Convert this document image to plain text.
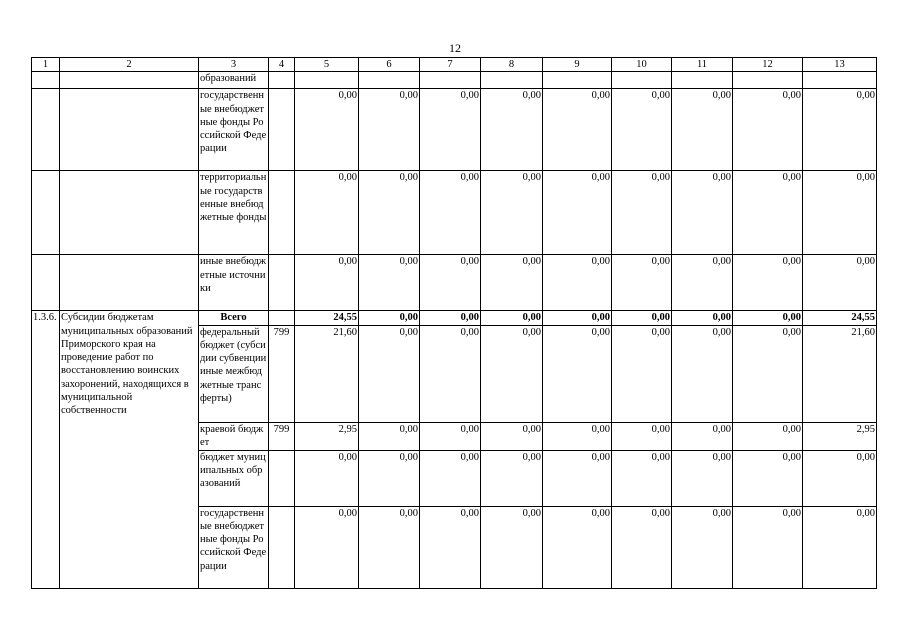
12
1	2	3	4	5	6	7	8	9	10	11	12	13
		образований										
		государственные внебюджетные фонды Российской Федерации		0,00	0,00	0,00	0,00	0,00	0,00	0,00	0,00	0,00
		территориальные государственные внебюджетные фонды		0,00	0,00	0,00	0,00	0,00	0,00	0,00	0,00	0,00
		иные внебюджетные источники		0,00	0,00	0,00	0,00	0,00	0,00	0,00	0,00	0,00
1.3.6.	Субсидии бюджетам муниципальных образований Приморского края на проведение работ по восстановлению воинских захоронений, находящихся в муниципальной собственности	Всего		24,55	0,00	0,00	0,00	0,00	0,00	0,00	0,00	24,55
		федеральный бюджет (субсидии субвенции иные межбюджетные трансферты)	799	21,60	0,00	0,00	0,00	0,00	0,00	0,00	0,00	21,60
		краевой бюджет	799	2,95	0,00	0,00	0,00	0,00	0,00	0,00	0,00	2,95
		бюджет муниципальных образований		0,00	0,00	0,00	0,00	0,00	0,00	0,00	0,00	0,00
		государственные внебюджетные фонды Российской Федерации		0,00	0,00	0,00	0,00	0,00	0,00	0,00	0,00	0,00
